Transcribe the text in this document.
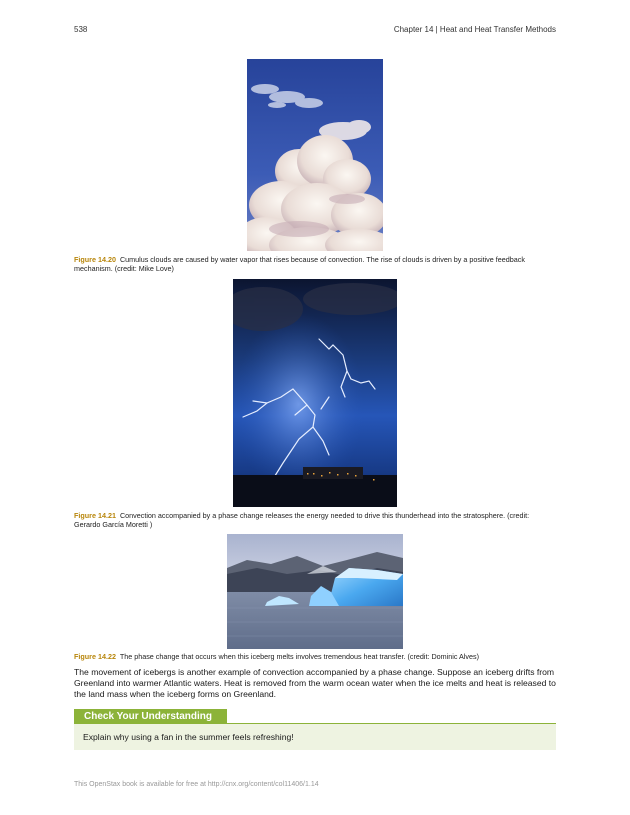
538	Chapter 14 | Heat and Heat Transfer Methods
Figure 14.20 Cumulus clouds are caused by water vapor that rises because of convection. The rise of clouds is driven by a positive feedback mechanism. (credit: Mike Love)
Figure 14.21 Convection accompanied by a phase change releases the energy needed to drive this thunderhead into the stratosphere. (credit: Gerardo García Moretti )
Figure 14.22 The phase change that occurs when this iceberg melts involves tremendous heat transfer. (credit: Dominic Alves)
The movement of icebergs is another example of convection accompanied by a phase change. Suppose an iceberg drifts from Greenland into warmer Atlantic waters. Heat is removed from the warm ocean water when the ice melts and heat is released to the land mass when the iceberg forms on Greenland.
Check Your Understanding
Explain why using a fan in the summer feels refreshing!
This OpenStax book is available for free at http://cnx.org/content/col11406/1.14
